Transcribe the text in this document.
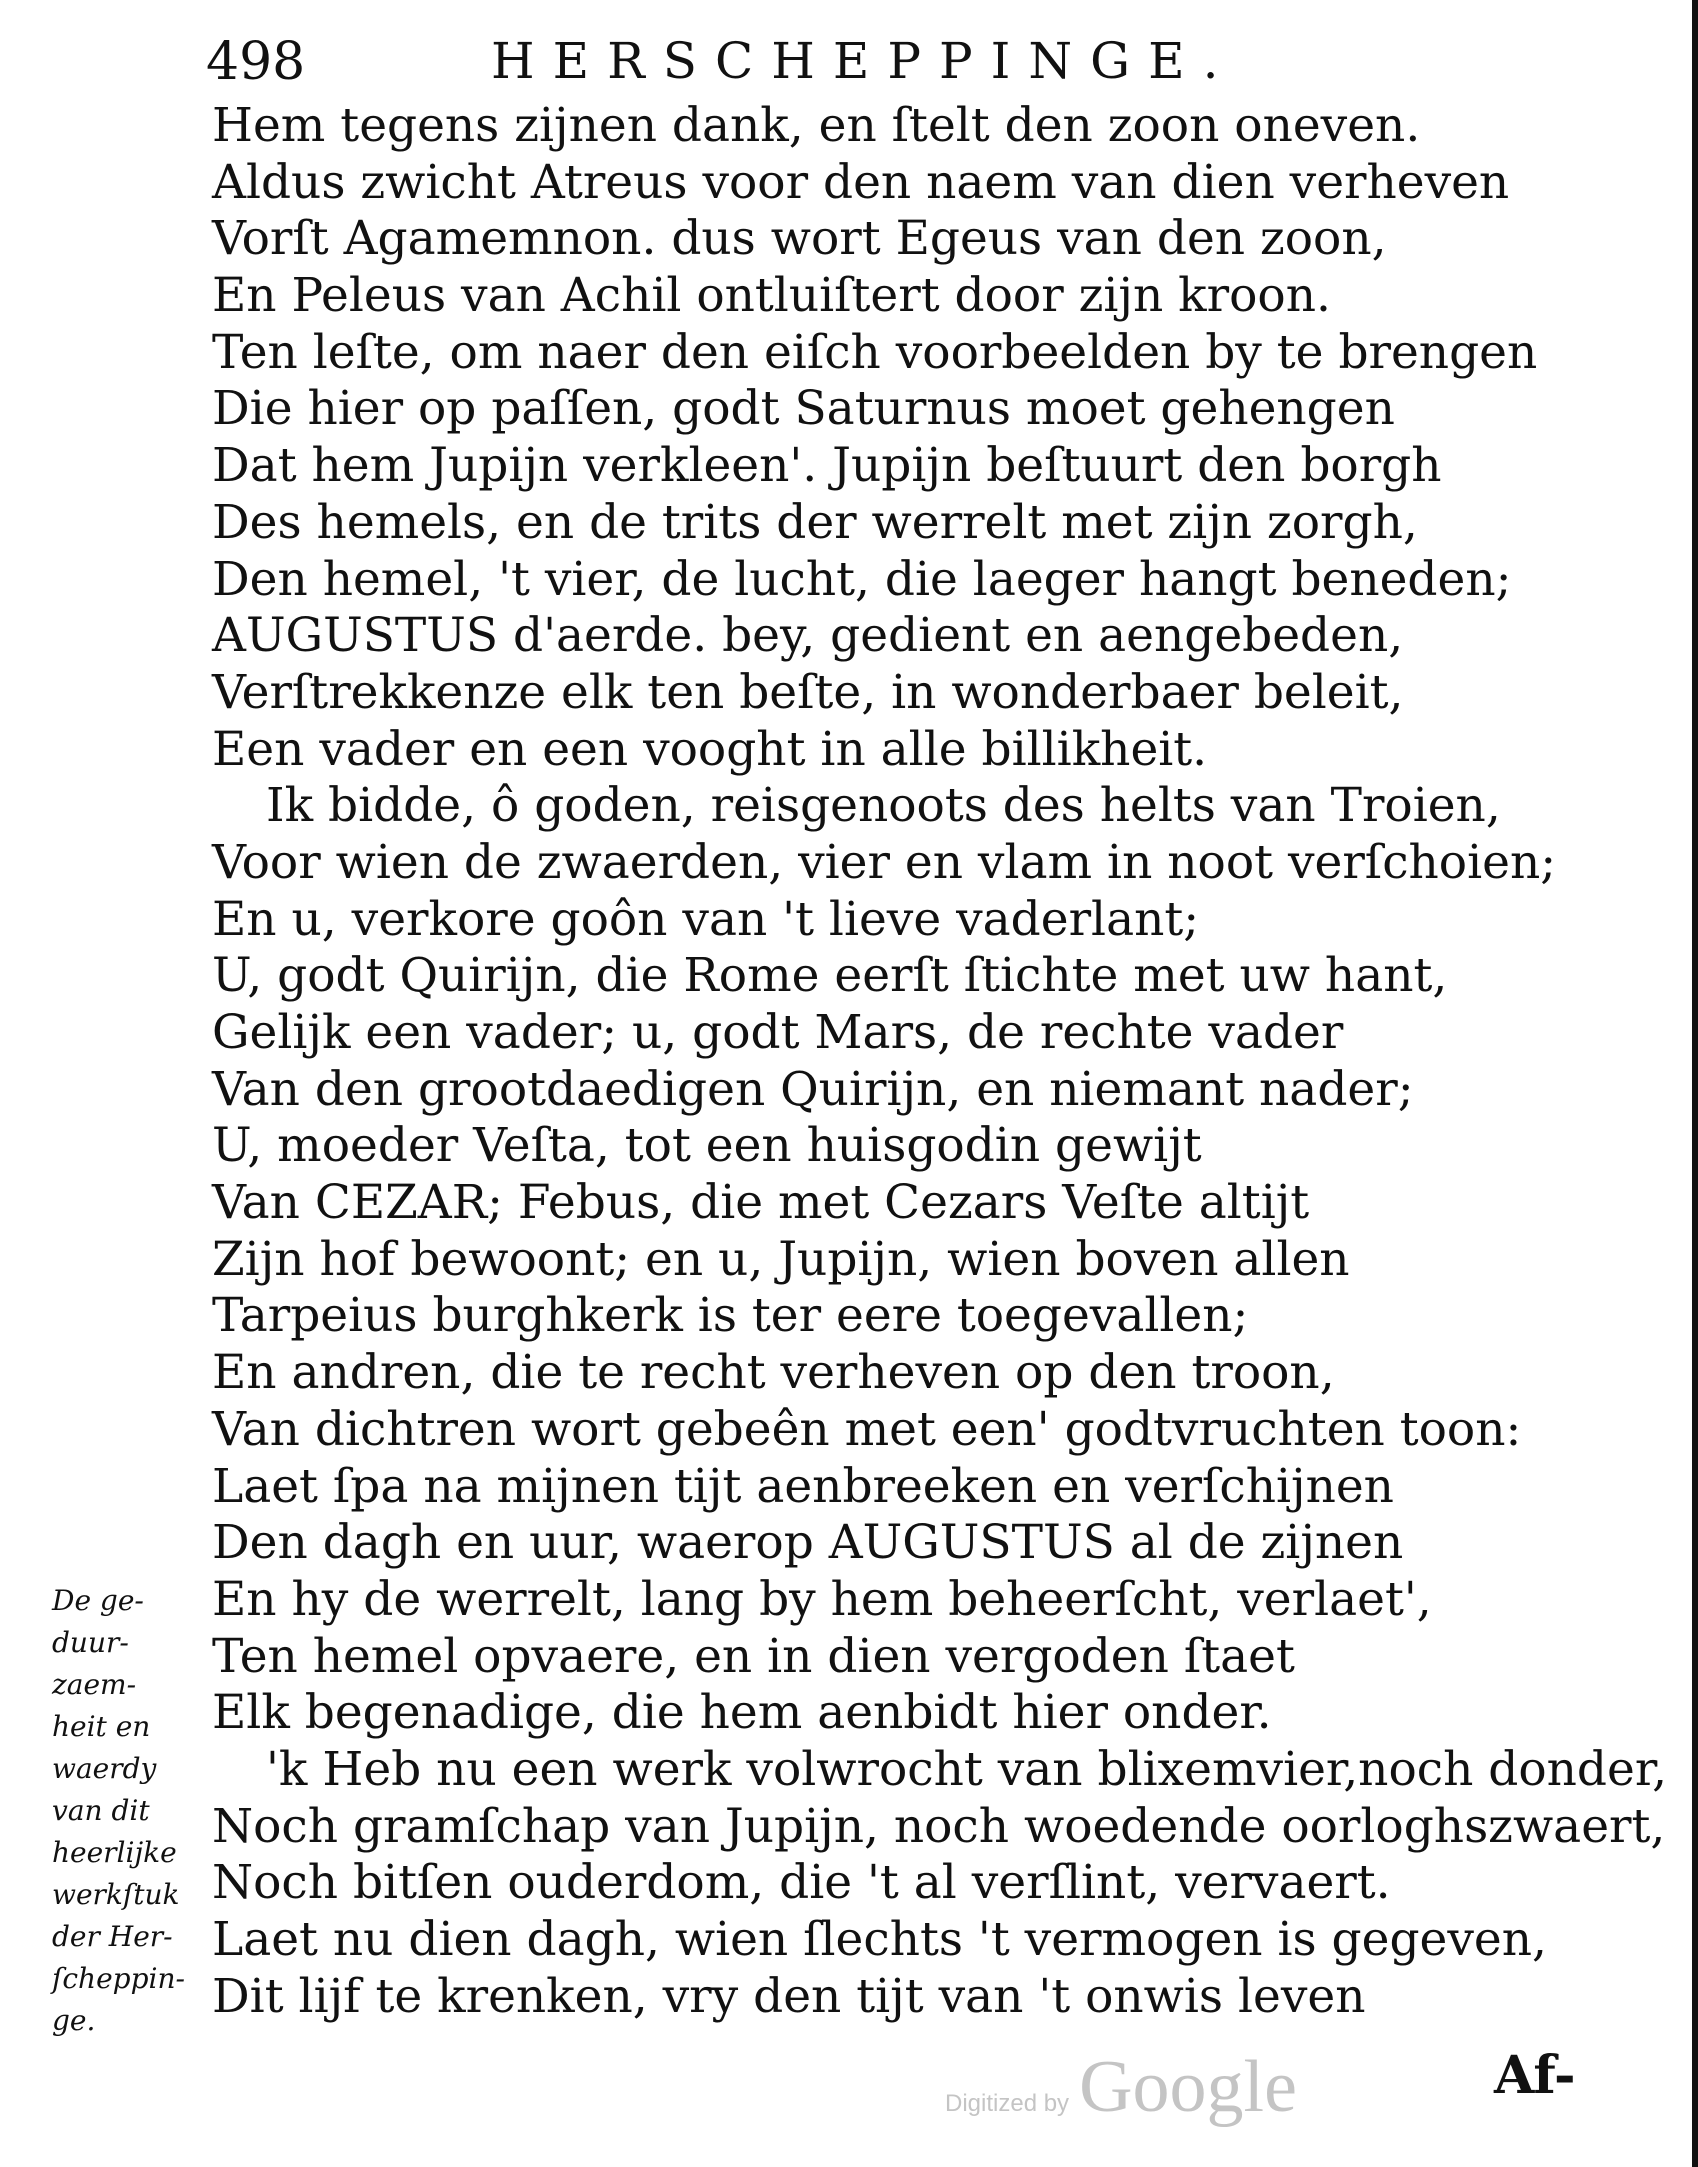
498	HERSCHEPPINGE.
Hem tegens zijnen dank, en ſtelt den zoon oneven.
Aldus zwicht Atreus voor den naem van dien verheven
Vorſt Agamemnon. dus wort Egeus van den zoon,
En Peleus van Achil ontluiſtert door zijn kroon.
Ten leſte, om naer den eiſch voorbeelden by te brengen
Die hier op paſſen, godt Saturnus moet gehengen
Dat hem Jupijn verkleen'. Jupijn beſtuurt den borgh
Des hemels, en de trits der werrelt met zijn zorgh,
Den hemel, 't vier, de lucht, die laeger hangt beneden;
AUGUSTUS d'aerde. bey, gedient en aengebeden,
Verſtrekkenze elk ten beſte, in wonderbaer beleit,
Een vader en een vooght in alle billikheit.
Ik bidde, ô goden, reisgenoots des helts van Troien,
Voor wien de zwaerden, vier en vlam in noot verſchoien;
En u, verkore goôn van 't lieve vaderlant;
U, godt Quirijn, die Rome eerſt ſtichte met uw hant,
Gelijk een vader; u, godt Mars, de rechte vader
Van den grootdaedigen Quirijn, en niemant nader;
U, moeder Veſta, tot een huisgodin gewijt
Van CEZAR; Febus, die met Cezars Veſte altijt
Zijn hof bewoont; en u, Jupijn, wien boven allen
Tarpeius burghkerk is ter eere toegevallen;
En andren, die te recht verheven op den troon,
Van dichtren wort gebeên met een' godtvruchten toon:
Laet ſpa na mijnen tijt aenbreeken en verſchijnen
Den dagh en uur, waerop AUGUSTUS al de zijnen
En hy de werrelt, lang by hem beheerſcht, verlaet',
Ten hemel opvaere, en in dien vergoden ſtaet
Elk begenadige, die hem aenbidt hier onder.
'k Heb nu een werk volwrocht van blixemvier,noch donder,
Noch gramſchap van Jupijn, noch woedende oorloghszwaert,
Noch bitſen ouderdom, die 't al verſlint, vervaert.
Laet nu dien dagh, wien ſlechts 't vermogen is gegeven,
Dit lijf te krenken, vry den tijt van 't onwis leven
De ge-
duur-
zaem-
heit en
waerdy
van dit
heerlijke
werkſtuk
der Her-
ſcheppin-
ge.
Digitized by Google	Af-
